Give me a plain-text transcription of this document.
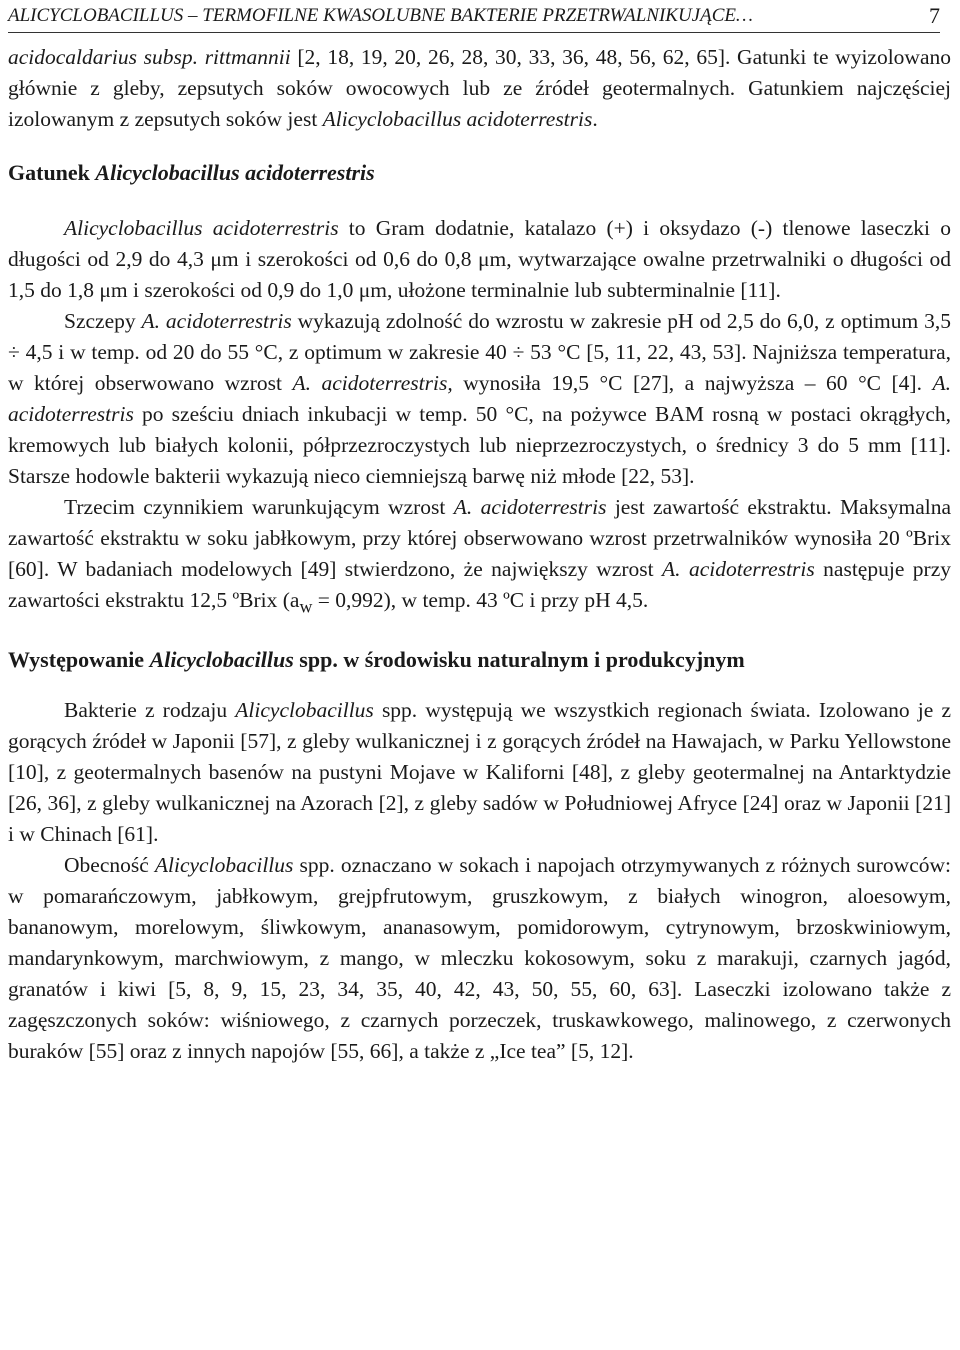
ALICYCLOBACILLUS – TERMOFILNE KWASOLUBNE BAKTERIE PRZETRWALNIKUJĄCE…	7

acidocaldarius subsp. rittmannii [2, 18, 19, 20, 26, 28, 30, 33, 36, 48, 56, 62, 65]. Gatunki te wyizolowano głównie z gleby, zepsutych soków owocowych lub ze źródeł geotermalnych. Gatunkiem najczęściej izolowanym z zepsutych soków jest Alicyclobacillus acidoterrestris.

Gatunek Alicyclobacillus acidoterrestris

Alicyclobacillus acidoterrestris to Gram dodatnie, katalazo (+) i oksydazo (-) tlenowe laseczki o długości od 2,9 do 4,3 μm i szerokości od 0,6 do 0,8 μm, wytwarzające owalne przetrwalniki o długości od 1,5 do 1,8 μm i szerokości od 0,9 do 1,0 μm, ułożone terminalnie lub subterminalnie [11].

Szczepy A. acidoterrestris wykazują zdolność do wzrostu w zakresie pH od 2,5 do 6,0, z optimum 3,5 ÷ 4,5 i w temp. od 20 do 55 °C, z optimum w zakresie 40 ÷ 53 °C [5, 11, 22, 43, 53]. Najniższa temperatura, w której obserwowano wzrost A. acidoterrestris, wynosiła 19,5 °C [27], a najwyższa – 60 °C [4]. A. acidoterrestris po sześciu dniach inkubacji w temp. 50 °C, na pożywce BAM rosną w postaci okrągłych, kremowych lub białych kolonii, półprzezroczystych lub nieprzezroczystych, o średnicy 3 do 5 mm [11]. Starsze hodowle bakterii wykazują nieco ciemniejszą barwę niż młode [22, 53].

Trzecim czynnikiem warunkującym wzrost A. acidoterrestris jest zawartość ekstraktu. Maksymalna zawartość ekstraktu w soku jabłkowym, przy której obserwowano wzrost przetrwalników wynosiła 20 ºBrix [60]. W badaniach modelowych [49] stwierdzono, że największy wzrost A. acidoterrestris następuje przy zawartości ekstraktu 12,5 ºBrix $(a_w = 0,992)$, w temp. 43 ºC i przy pH 4,5.

Występowanie Alicyclobacillus spp. w środowisku naturalnym i produkcyjnym

Bakterie z rodzaju Alicyclobacillus spp. występują we wszystkich regionach świata. Izolowano je z gorących źródeł w Japonii [57], z gleby wulkanicznej i z gorących źródeł na Hawajach, w Parku Yellowstone [10], z geotermalnych basenów na pustyni Mojave w Kaliforni [48], z gleby geotermalnej na Antarktydzie [26, 36], z gleby wulkanicznej na Azorach [2], z gleby sadów w Południowej Afryce [24] oraz w Japonii [21] i w Chinach [61].

Obecność Alicyclobacillus spp. oznaczano w sokach i napojach otrzymywanych z różnych surowców: w pomarańczowym, jabłkowym, grejpfrutowym, gruszkowym, z białych winogron, aloesowym, bananowym, morelowym, śliwkowym, ananasowym, pomidorowym, cytrynowym, brzoskwiniowym, mandarynkowym, marchwiowym, z mango, w mleczku kokosowym, soku z marakuji, czarnych jagód, granatów i kiwi [5, 8, 9, 15, 23, 34, 35, 40, 42, 43, 50, 55, 60, 63]. Laseczki izolowano także z zagęszczonych soków: wiśniowego, z czarnych porzeczek, truskawkowego, malinowego, z czerwonych buraków [55] oraz z innych napojów [55, 66], a także z „Ice tea” [5, 12].
